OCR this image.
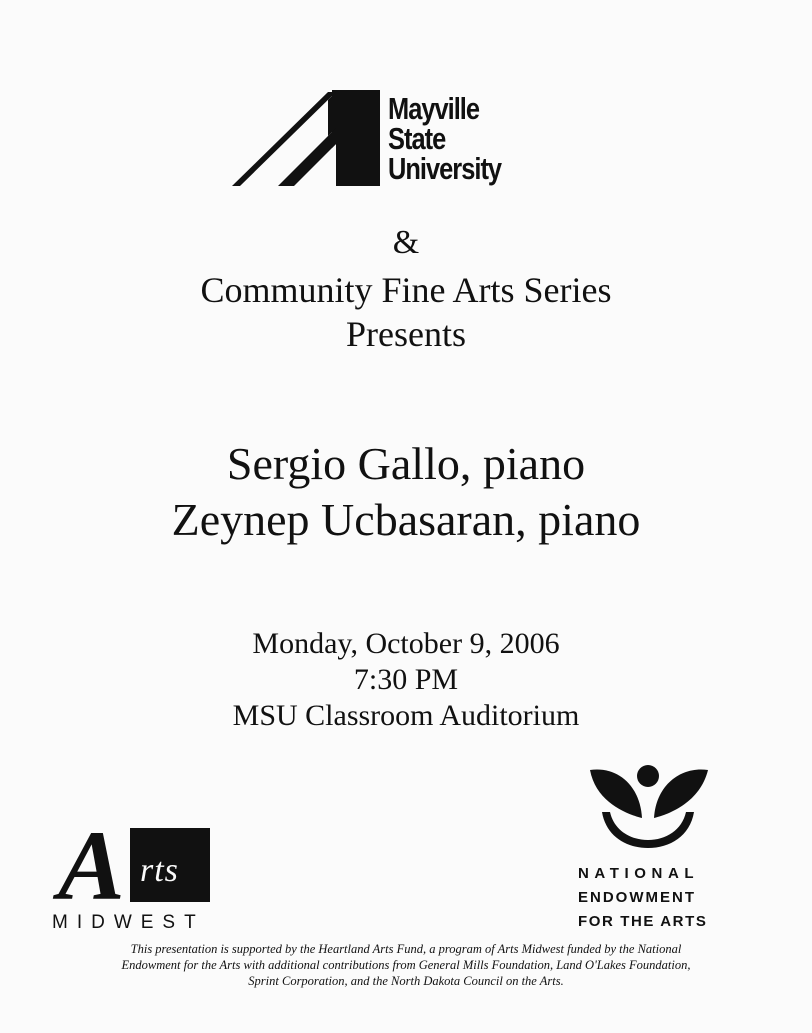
Mayville
State
University
&
Community Fine Arts Series
Presents
Sergio Gallo, piano
Zeynep Ucbasaran, piano
Monday, October 9, 2006
7:30 PM
MSU Classroom Auditorium
A rts
MIDWEST
NATIONAL
ENDOWMENT
FOR THE ARTS
This presentation is supported by the Heartland Arts Fund, a program of Arts Midwest funded by the National
Endowment for the Arts with additional contributions from General Mills Foundation, Land O'Lakes Foundation,
Sprint Corporation, and the North Dakota Council on the Arts.
